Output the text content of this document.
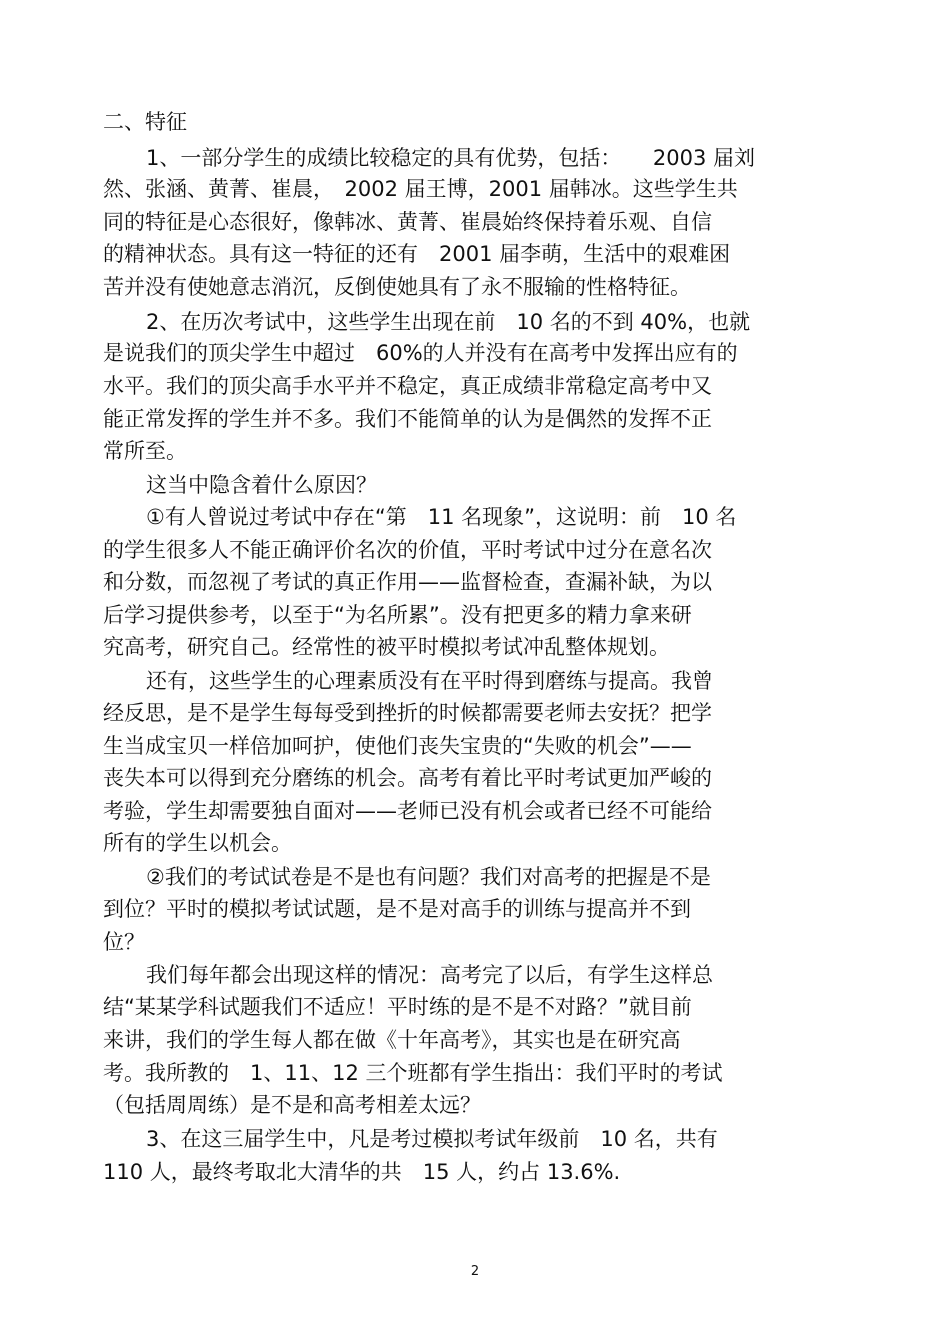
二、特征

1、一部分学生的成绩比较稳定的具有优势，包括：　　2003 届刘

然、张涵、黄菁、崔晨，　2002 届王博，2001 届韩冰。这些学生共

同的特征是心态很好，像韩冰、黄菁、崔晨始终保持着乐观、自信

的精神状态。具有这一特征的还有　2001 届李萌，生活中的艰难困

苦并没有使她意志消沉，反倒使她具有了永不服输的性格特征。

2、在历次考试中，这些学生出现在前　10 名的不到 40%，也就

是说我们的顶尖学生中超过　60%的人并没有在高考中发挥出应有的

水平。我们的顶尖高手水平并不稳定，真正成绩非常稳定高考中又

能正常发挥的学生并不多。我们不能简单的认为是偶然的发挥不正

常所至。

这当中隐含着什么原因？

①有人曾说过考试中存在“第　11 名现象”，这说明：前　10 名

的学生很多人不能正确评价名次的价值，平时考试中过分在意名次

和分数，而忽视了考试的真正作用——监督检查，查漏补缺，为以

后学习提供参考，以至于“为名所累”。没有把更多的精力拿来研

究高考，研究自己。经常性的被平时模拟考试冲乱整体规划。

还有，这些学生的心理素质没有在平时得到磨练与提高。我曾

经反思，是不是学生每每受到挫折的时候都需要老师去安抚？把学

生当成宝贝一样倍加呵护，使他们丧失宝贵的“失败的机会”——

丧失本可以得到充分磨练的机会。高考有着比平时考试更加严峻的

考验，学生却需要独自面对——老师已没有机会或者已经不可能给

所有的学生以机会。

②我们的考试试卷是不是也有问题？我们对高考的把握是不是

到位？平时的模拟考试试题，是不是对高手的训练与提高并不到

位？

我们每年都会出现这样的情况：高考完了以后，有学生这样总

结“某某学科试题我们不适应！平时练的是不是不对路？”就目前

来讲，我们的学生每人都在做《十年高考》，其实也是在研究高

考。我所教的　1、11、12 三个班都有学生指出：我们平时的考试

（包括周周练）是不是和高考相差太远？

3、在这三届学生中，凡是考过模拟考试年级前　10 名，共有

110 人，最终考取北大清华的共　15 人，约占 13.6%.

2
